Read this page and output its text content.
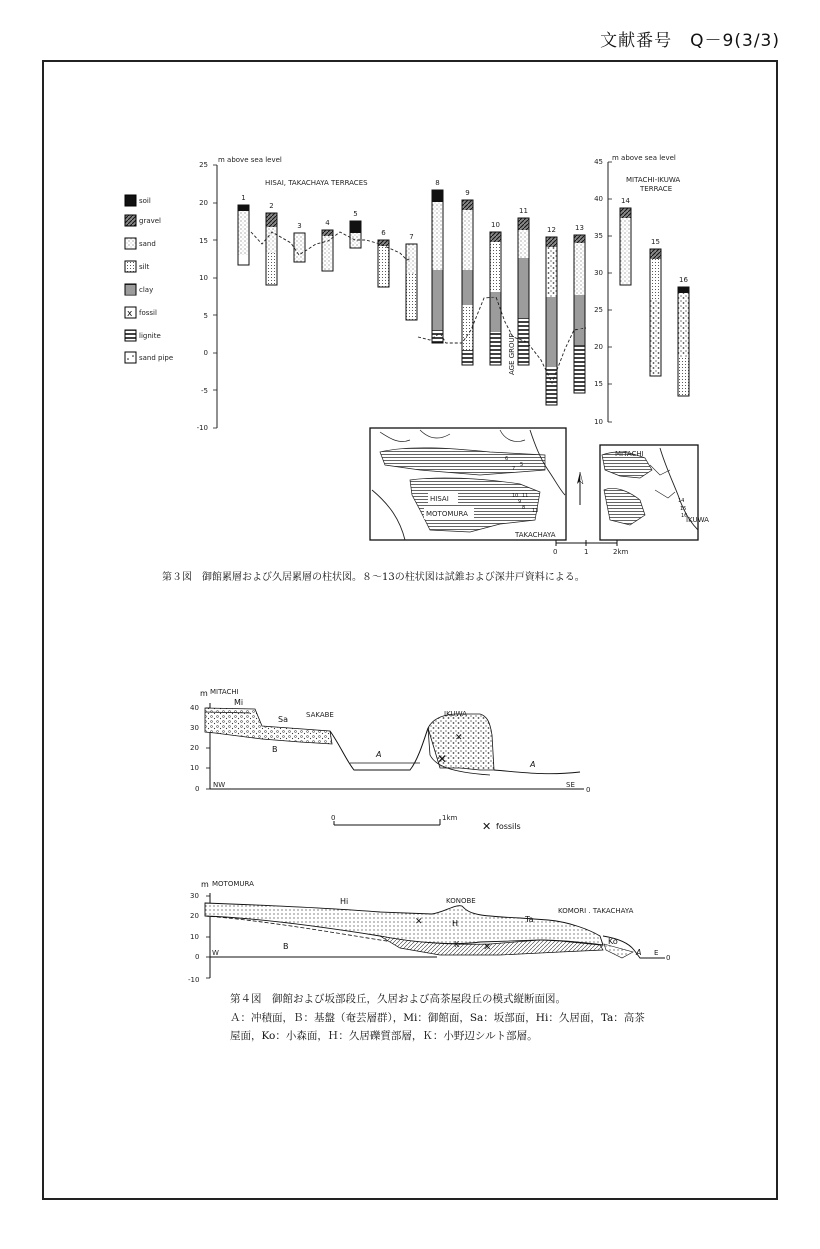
文献番号　Q－9(3/3)
25
20
15
10
5
0
-5
-10
m above sea level
HISAI, TAKACHAYA TERRACES
45
40
35
30
25
20
15
10
m above sea level
MITACHI-IKUWA
TERRACE
soil
gravel
sand
silt
clay
x fossil
lignite
sand pipe
1
2
3	4
5
6	7
8
9
10
11
12	13
14
15
16
AGE GROUP
HISAI
MOTOMURA
TAKACHAYA
6
7
5
10 11
9
8 13
MITACHI
IKUWA
14
15
16
0	1	2km
m
40
30
20
10
0
✕
✕
MITACHI
Mi
Sa	SAKABE	IKUWA
B
A
A
NW	SE
0
0	1km
✕ fossils
m
30
20
10
0
-10
✕
✕
MOTOMURA
Hi	KONOBE
KOMORI . TAKACHAYA
Ta
H
K
B
Ko
A
W	E
0
第３図　御館累層および久居累層の柱状図。８～13の柱状図は試錐および深井戸資料による。
第４図　御館および坂部段丘，久居および高茶屋段丘の模式縦断面図。
Ａ：冲積面，Ｂ：基盤（奄芸層群），Mi：御館面，Sa：坂部面，Hi：久居面，Ta：高茶
屋面，Ko：小森面，Ｈ：久居礫質部層，Ｋ：小野辺シルト部層。
